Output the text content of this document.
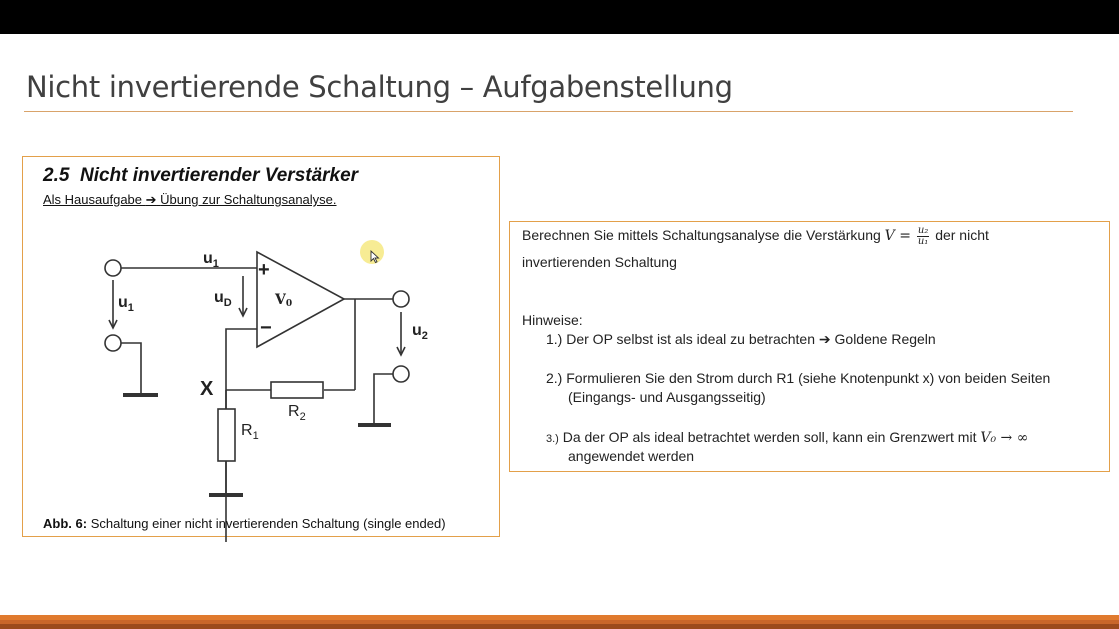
Nicht invertierende Schaltung – Aufgabenstellung
2.5 Nicht invertierender Verstärker
Als Hausaufgabe ➔ Übung zur Schaltungsanalyse.
$u_1$
$u_1$
$u_D$
+
−
V0
$u_2$
X
$R_2$
$R_1$
Abb. 6: Schaltung einer nicht invertierenden Schaltung (single ended)
Berechnen Sie mittels Schaltungsanalyse die Verstärkung $V = \frac{\text{u₂}}{\text{u₁}}$ der nicht
invertierenden Schaltung
Hinweise:
1.) Der OP selbst ist als ideal zu betrachten ➔ Goldene Regeln
2.) Formulieren Sie den Strom durch R1 (siehe Knotenpunkt x) von beiden Seiten
(Eingangs- und Ausgangsseitig)
3.) Da der OP als ideal betrachtet werden soll, kann ein Grenzwert mit V₀ → ∞
angewendet werden
